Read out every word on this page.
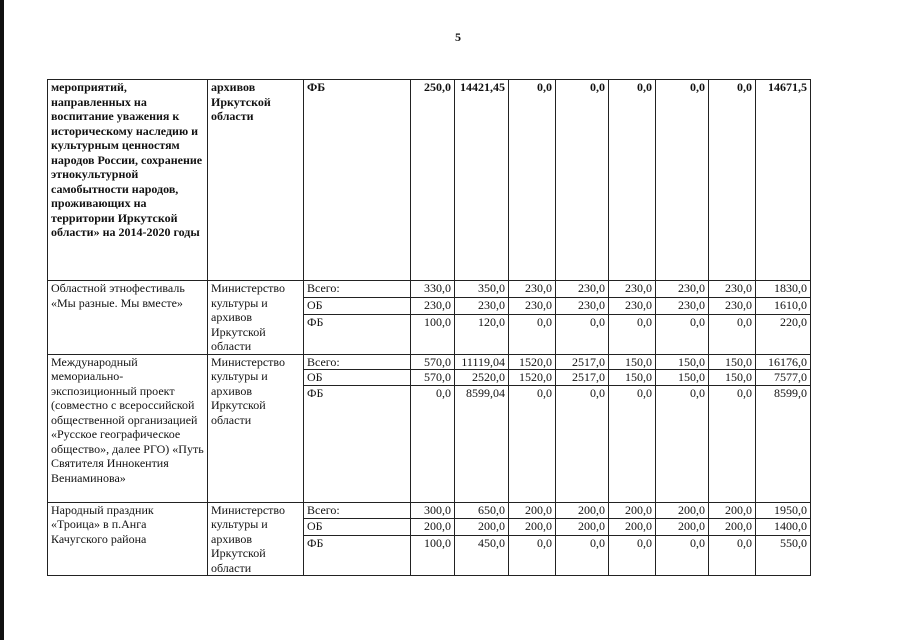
5
мероприятий, направленных на воспитание уважения к историческому наследию и культурным ценностям народов России, сохранение этнокультурной самобытности народов, проживающих на территории Иркутской области» на 2014-2020 годы	архивов Иркутской области	ФБ	250,0	14421,45	0,0	0,0	0,0	0,0	0,0	14671,5
Областной этнофестиваль «Мы разные. Мы вместе»	Министерство культуры и архивов Иркутской области	Всего:	330,0	350,0	230,0	230,0	230,0	230,0	230,0	1830,0
		ОБ	230,0	230,0	230,0	230,0	230,0	230,0	230,0	1610,0
		ФБ	100,0	120,0	0,0	0,0	0,0	0,0	0,0	220,0
Международный мемориально-экспозиционный проект (совместно с всероссийской общественной организацией «Русское географическое общество», далее РГО) «Путь Святителя Иннокентия Вениаминова»	Министерство культуры и архивов Иркутской области	Всего:	570,0	11119,04	1520,0	2517,0	150,0	150,0	150,0	16176,0
		ОБ	570,0	2520,0	1520,0	2517,0	150,0	150,0	150,0	7577,0
		ФБ	0,0	8599,04	0,0	0,0	0,0	0,0	0,0	8599,0
Народный праздник «Троица» в п.Анга Качугского района	Министерство культуры и архивов Иркутской области	Всего:	300,0	650,0	200,0	200,0	200,0	200,0	200,0	1950,0
		ОБ	200,0	200,0	200,0	200,0	200,0	200,0	200,0	1400,0
		ФБ	100,0	450,0	0,0	0,0	0,0	0,0	0,0	550,0
